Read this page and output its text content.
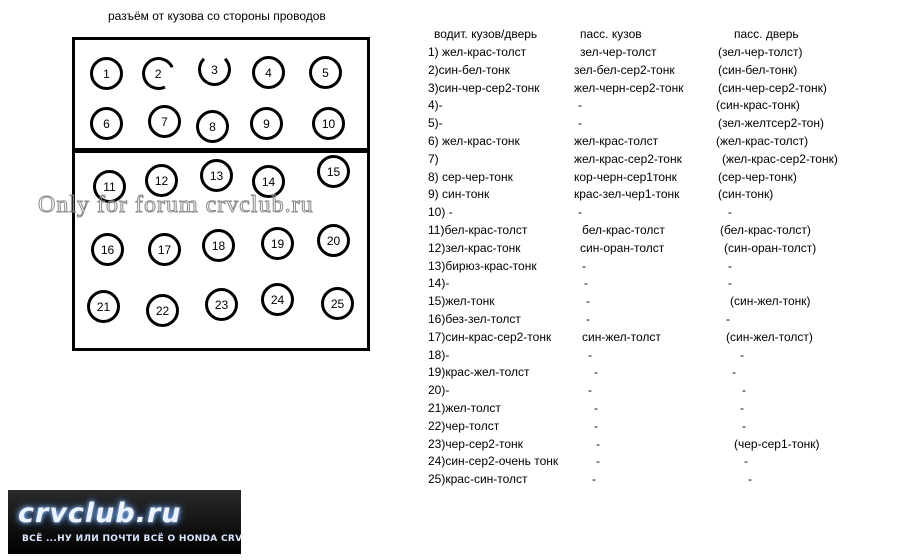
разъём от кузова со стороны проводов
1	2	3	4	5
6	7	8	9	10
11	12	13	14
15
16	17	18	19	20
21	22	23	24	25
Only for forum crvclub.ru
водит. кузов/дверь	пасс. кузов	пасс. дверь
1) жел-крас-толст	зел-чер-толст	(зел-чер-толст)
2)син-бел-тонк	зел-бел-сер2-тонк	(син-бел-тонк)
3)син-чер-сер2-тонк	жел-черн-сер2-тонк	(син-чер-сер2-тонк)
4)-	-	(син-крас-тонк)
5)-	-	(зел-желтсер2-тон)
6) жел-крас-тонк	жел-крас-толст	(жел-крас-толст)
7)	жел-крас-сер2-тонк	(жел-крас-сер2-тонк)
8) сер-чер-тонк	кор-черн-сер1тонк	(сер-чер-тонк)
9) син-тонк	крас-зел-чер1-тонк	(син-тонк)
10) -	-	-
11)бел-крас-толст	бел-крас-толст	(бел-крас-толст)
12)зел-крас-тонк	син-оран-толст	(син-оран-толст)
13)бирюз-крас-тонк	-	-
14)-	-	-
15)жел-тонк	-	(син-жел-тонк)
16)без-зел-толст	-	-
17)син-крас-сер2-тонк	син-жел-толст	(син-жел-толст)
18)-	-	-
19)крас-жел-толст	-	-
20)-	-	-
21)жел-толст	-	-
22)чер-толст	-	-
23)чер-сер2-тонк	-	(чер-сер1-тонк)
24)син-сер2-очень тонк	-	-
25)крас-син-толст	-	-
crvclub.ru
ВСЁ ...НУ ИЛИ ПОЧТИ ВСЁ О HONDA CRV
